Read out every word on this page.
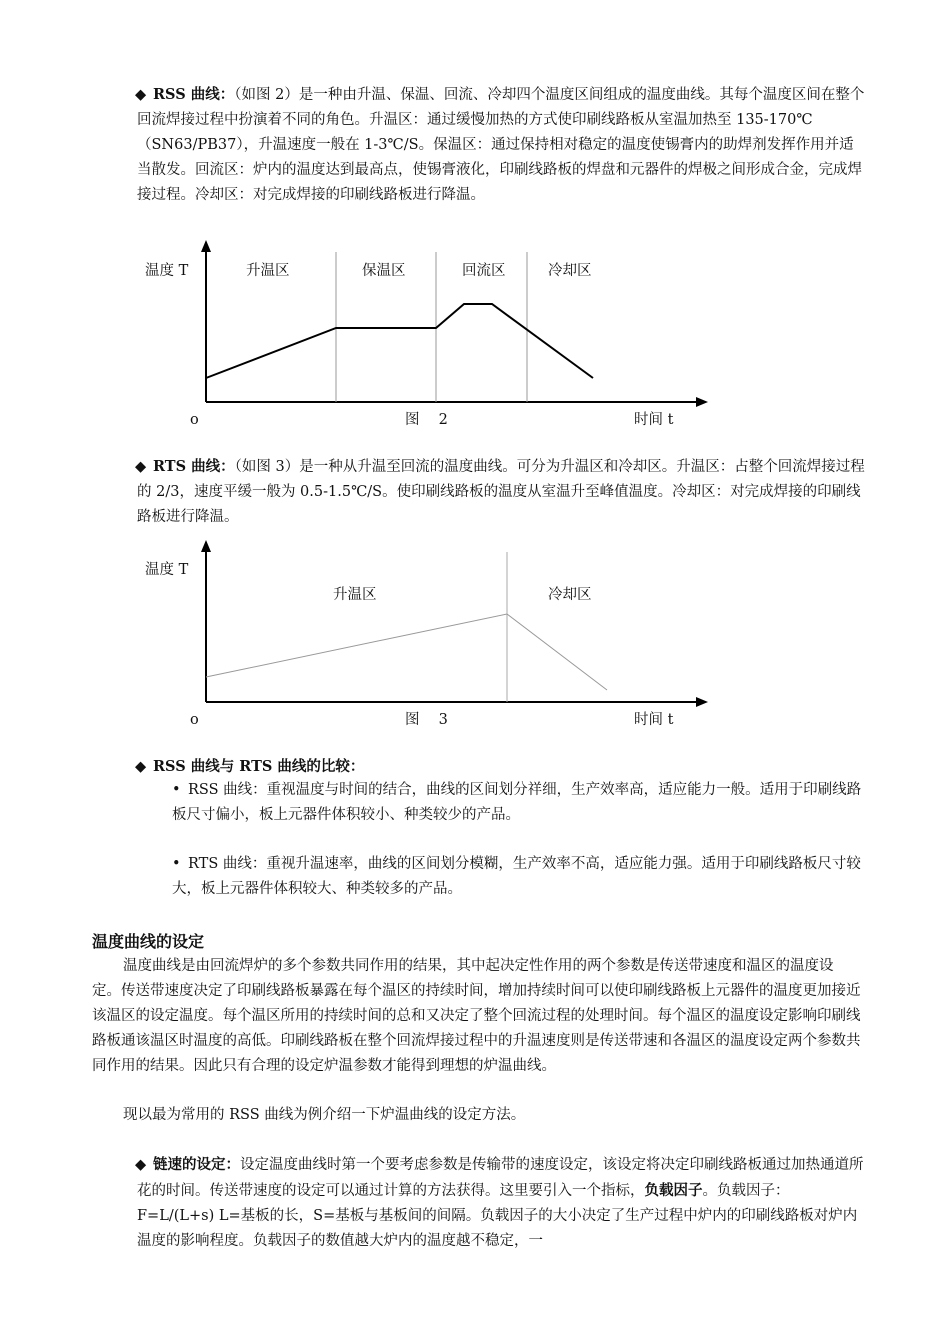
◆ RSS 曲线：（如图 2）是一种由升温、保温、回流、冷却四个温度区间组成的温度曲线。其每个温度区间在整个回流焊接过程中扮演着不同的角色。升温区：通过缓慢加热的方式使印刷线路板从室温加热至 135-170℃（SN63/PB37），升温速度一般在 1-3℃/S。保温区：通过保持相对稳定的温度使锡膏内的助焊剂发挥作用并适当散发。回流区：炉内的温度达到最高点，使锡膏液化，印刷线路板的焊盘和元器件的焊极之间形成合金，完成焊接过程。冷却区：对完成焊接的印刷线路板进行降温。

温度 T	升温区	保温区	回流区	冷却区
o	图　 2	时间 t

◆ RTS 曲线：（如图 3）是一种从升温至回流的温度曲线。可分为升温区和冷却区。升温区：占整个回流焊接过程的 2/3，速度平缓一般为 0.5-1.5℃/S。使印刷线路板的温度从室温升至峰值温度。冷却区：对完成焊接的印刷线路板进行降温。

温度 T
升温区	冷却区
o	图　 3	时间 t

◆ RSS 曲线与 RTS 曲线的比较：

• RSS 曲线：重视温度与时间的结合，曲线的区间划分祥细，生产效率高，适应能力一般。适用于印刷线路板尺寸偏小，板上元器件体积较小、种类较少的产品。

• RTS 曲线：重视升温速率，曲线的区间划分模糊，生产效率不高，适应能力强。适用于印刷线路板尺寸较大，板上元器件体积较大、种类较多的产品。

温度曲线的设定

温度曲线是由回流焊炉的多个参数共同作用的结果，其中起决定性作用的两个参数是传送带速度和温区的温度设定。传送带速度决定了印刷线路板暴露在每个温区的持续时间，增加持续时间可以使印刷线路板上元器件的温度更加接近该温区的设定温度。每个温区所用的持续时间的总和又决定了整个回流过程的处理时间。每个温区的温度设定影响印刷线路板通该温区时温度的高低。印刷线路板在整个回流焊接过程中的升温速度则是传送带速和各温区的温度设定两个参数共同作用的结果。因此只有合理的设定炉温参数才能得到理想的炉温曲线。

现以最为常用的 RSS 曲线为例介绍一下炉温曲线的设定方法。

◆ 链速的设定：设定温度曲线时第一个要考虑参数是传输带的速度设定，该设定将决定印刷线路板通过加热通道所花的时间。传送带速度的设定可以通过计算的方法获得。这里要引入一个指标，负载因子。负载因子：F=L/(L+s) L=基板的长，S=基板与基板间的间隔。负载因子的大小决定了生产过程中炉内的印刷线路板对炉内温度的影响程度。负载因子的数值越大炉内的温度越不稳定，一
